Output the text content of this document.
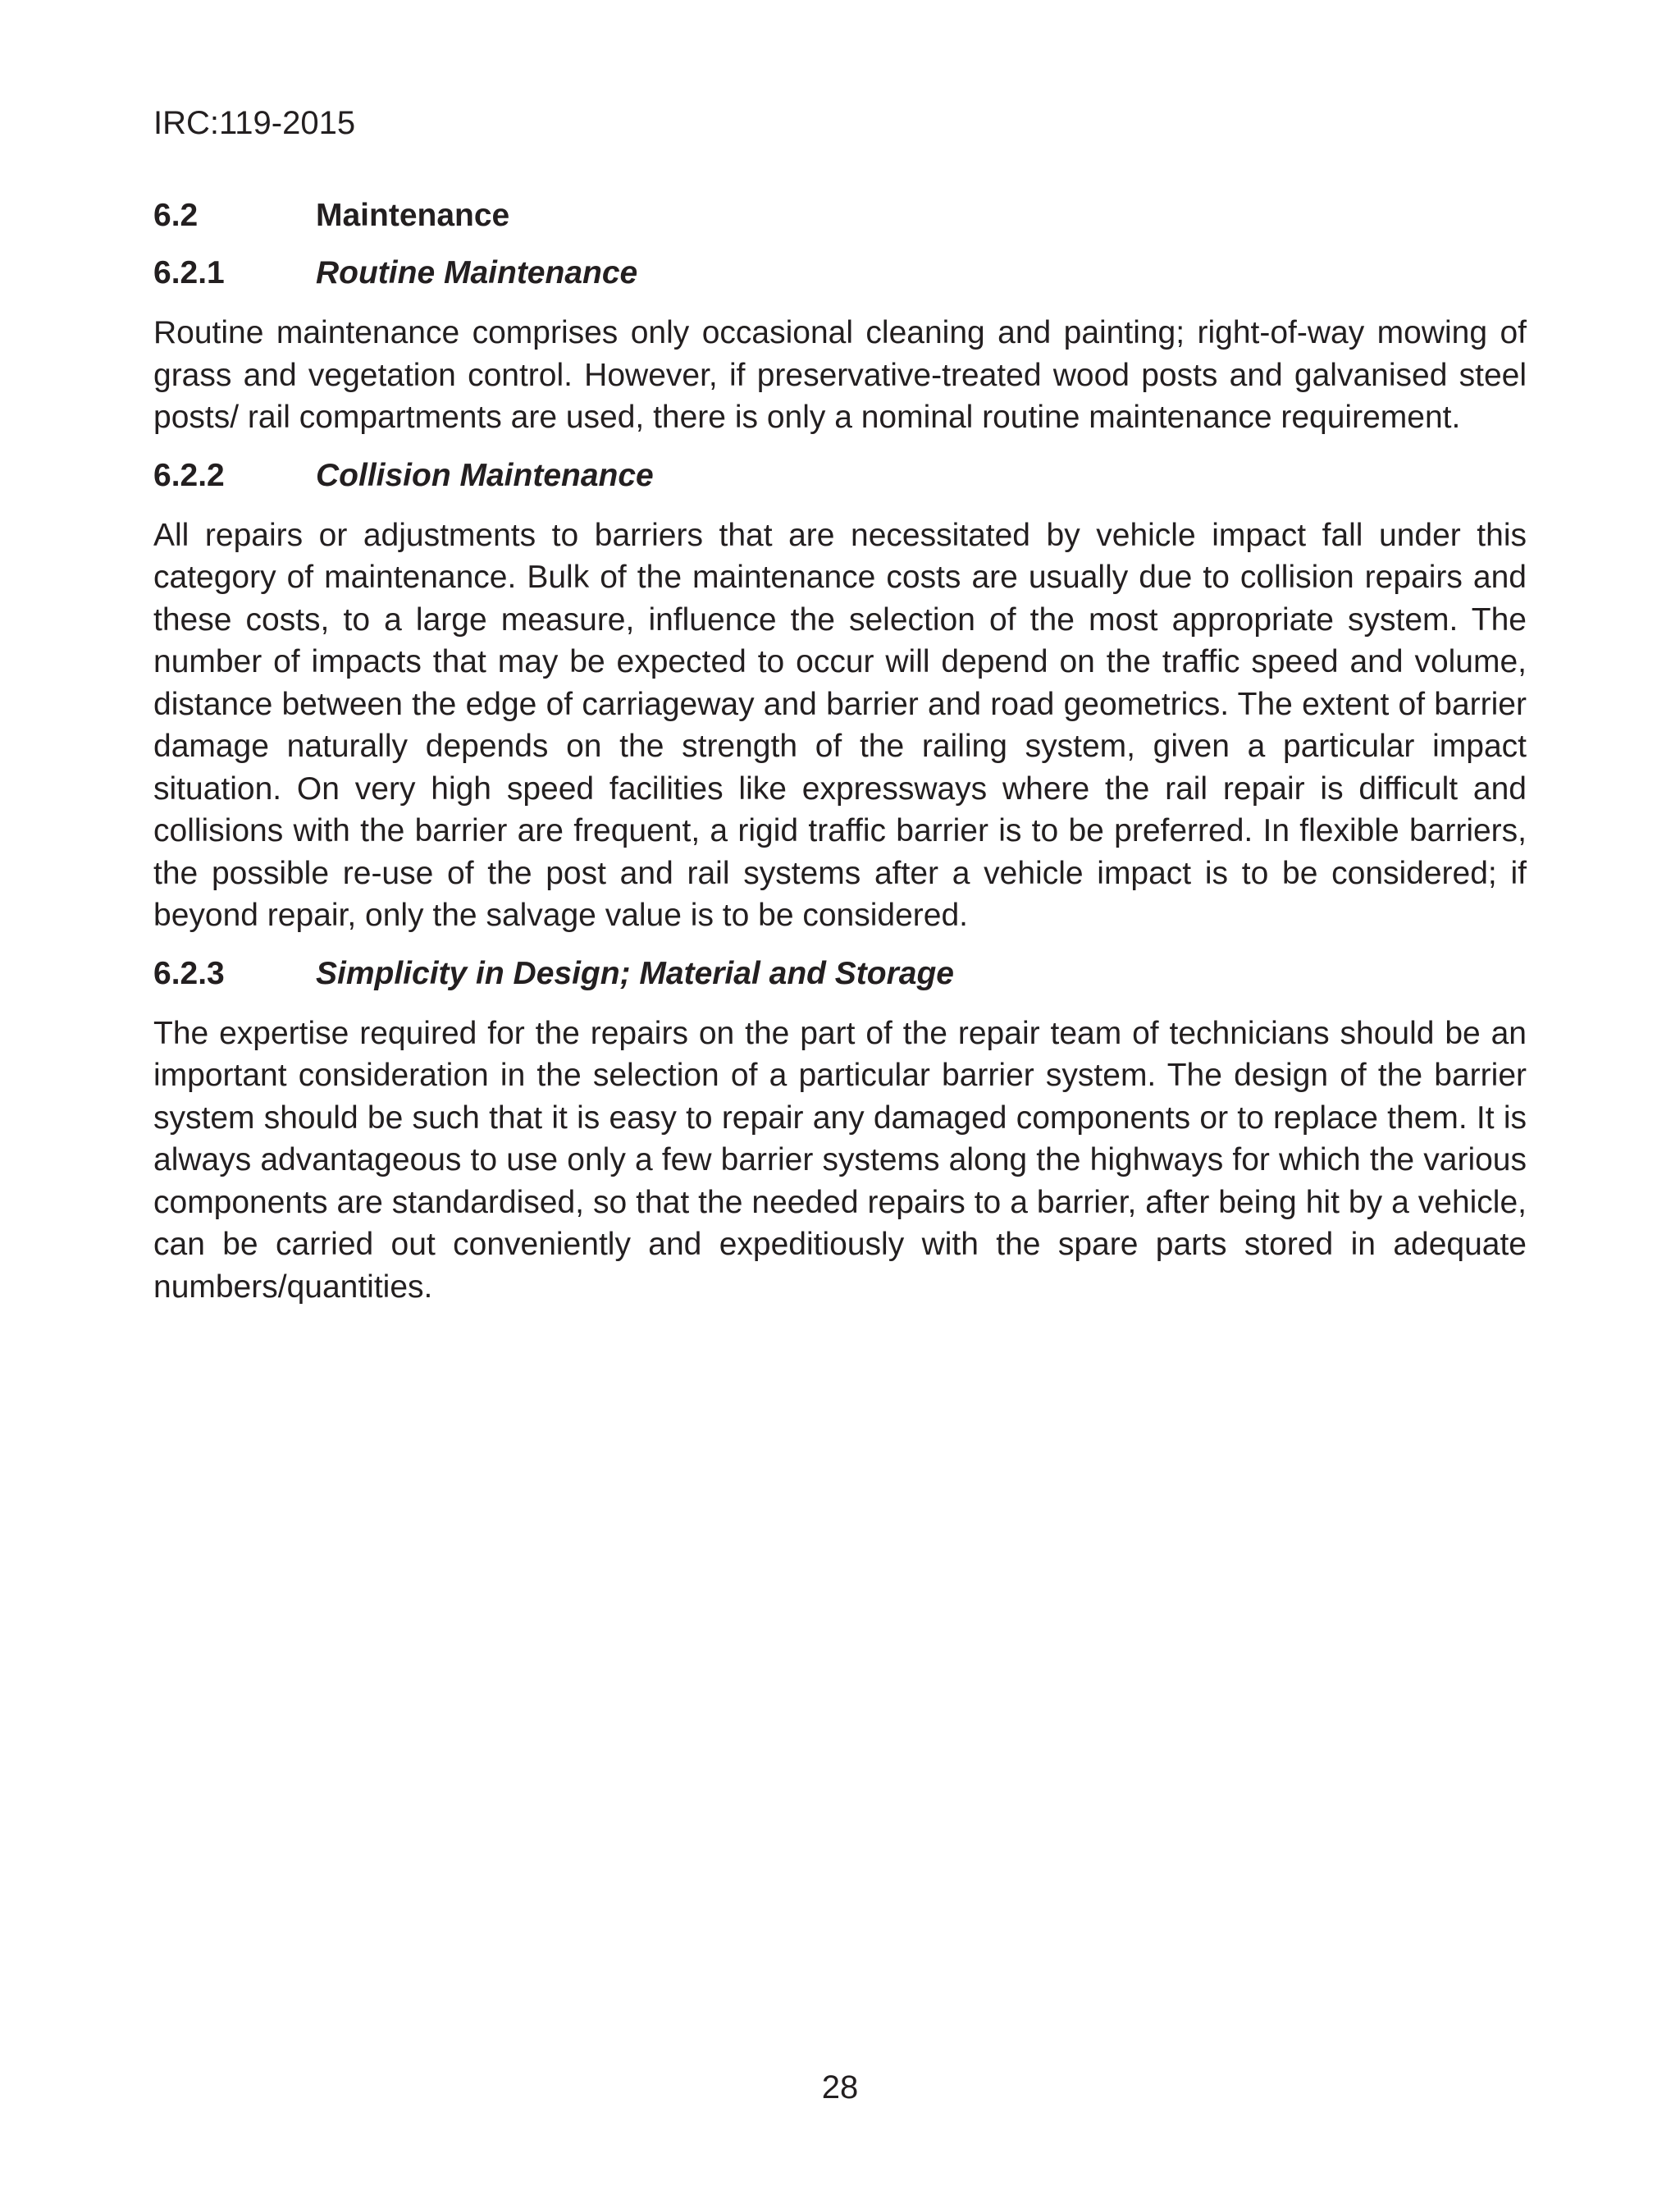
IRC:119-2015

6.2	Maintenance
6.2.1	Routine Maintenance

Routine maintenance comprises only occasional cleaning and painting; right-of-way mowing of grass and vegetation control. However, if preservative-treated wood posts and galvanised steel posts/ rail compartments are used, there is only a nominal routine maintenance requirement.

6.2.2	Collision Maintenance

All repairs or adjustments to barriers that are necessitated by vehicle impact fall under this category of maintenance. Bulk of the maintenance costs are usually due to collision repairs and these costs, to a large measure, influence the selection of the most appropriate system. The number of impacts that may be expected to occur will depend on the traffic speed and volume, distance between the edge of carriageway and barrier and road geometrics. The extent of barrier damage naturally depends on the strength of the railing system, given a particular impact situation. On very high speed facilities like expressways where the rail repair is difficult and collisions with the barrier are frequent, a rigid traffic barrier is to be preferred. In flexible barriers, the possible re-use of the post and rail systems after a vehicle impact is to be considered; if beyond repair, only the salvage value is to be considered.

6.2.3	Simplicity in Design; Material and Storage

The expertise required for the repairs on the part of the repair team of technicians should be an important consideration in the selection of a particular barrier system. The design of the barrier system should be such that it is easy to repair any damaged components or to replace them. It is always advantageous to use only a few barrier systems along the highways for which the various components are standardised, so that the needed repairs to a barrier, after being hit by a vehicle, can be carried out conveniently and expeditiously with the spare parts stored in adequate numbers/quantities.

28
